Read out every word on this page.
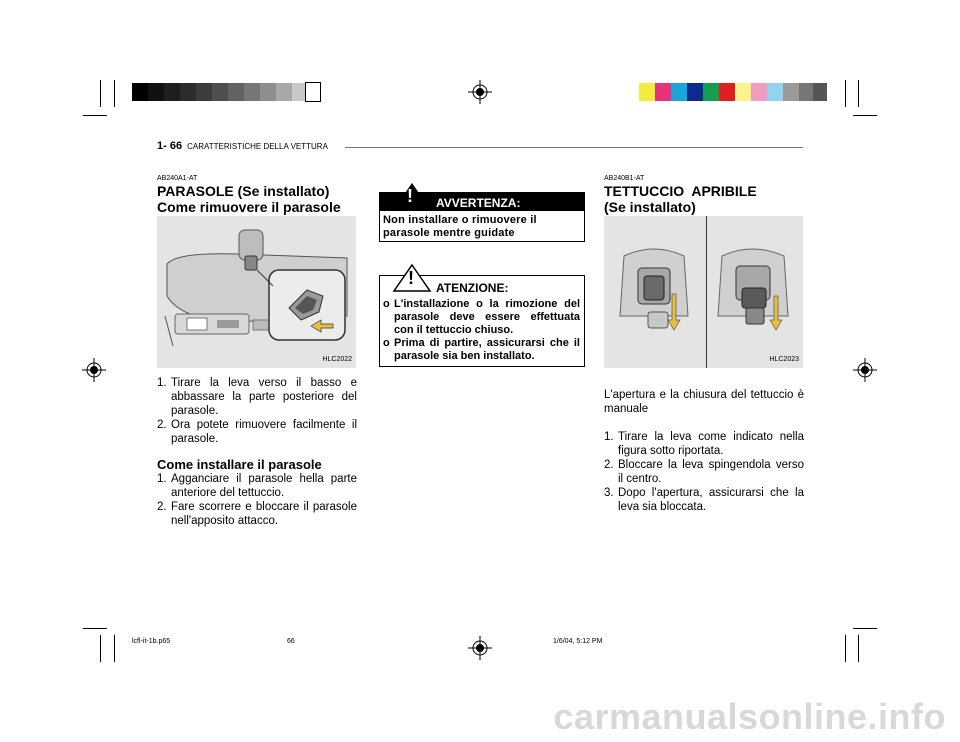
1- 66 CARATTERISTICHE DELLA VETTURA
AB240A1-AT
PARASOLE (Se installato)
Come rimuovere il parasole
HLC2022
1. Tirare la leva verso il basso e abbassare la parte posteriore del parasole.
2. Ora potete rimuovere facilmente il parasole.
Come installare il parasole
1. Agganciare il parasole hella parte anteriore del tettuccio.
2. Fare scorrere e bloccare il parasole nell'apposito attacco.
AVVERTENZA:
!
Non installare o rimuovere il parasole mentre guidate
! ATENZIONE:
o L'installazione o la rimozione del parasole deve essere effettuata con il tettuccio chiuso.
o Prima di partire, assicurarsi che il parasole sia ben installato.
AB240B1-AT
TETTUCCIO  APRIBILE
(Se installato)
HLC2023
L'apertura e la chiusura del tettuccio è manuale
1. Tirare la leva come indicato nella figura sotto riportata.
2. Bloccare la leva spingendola verso il centro.
3. Dopo l'apertura, assicurarsi che la leva sia bloccata.
lcfl-it-1b.p65	66	1/6/04, 5:12 PM
carmanualsonline.info
